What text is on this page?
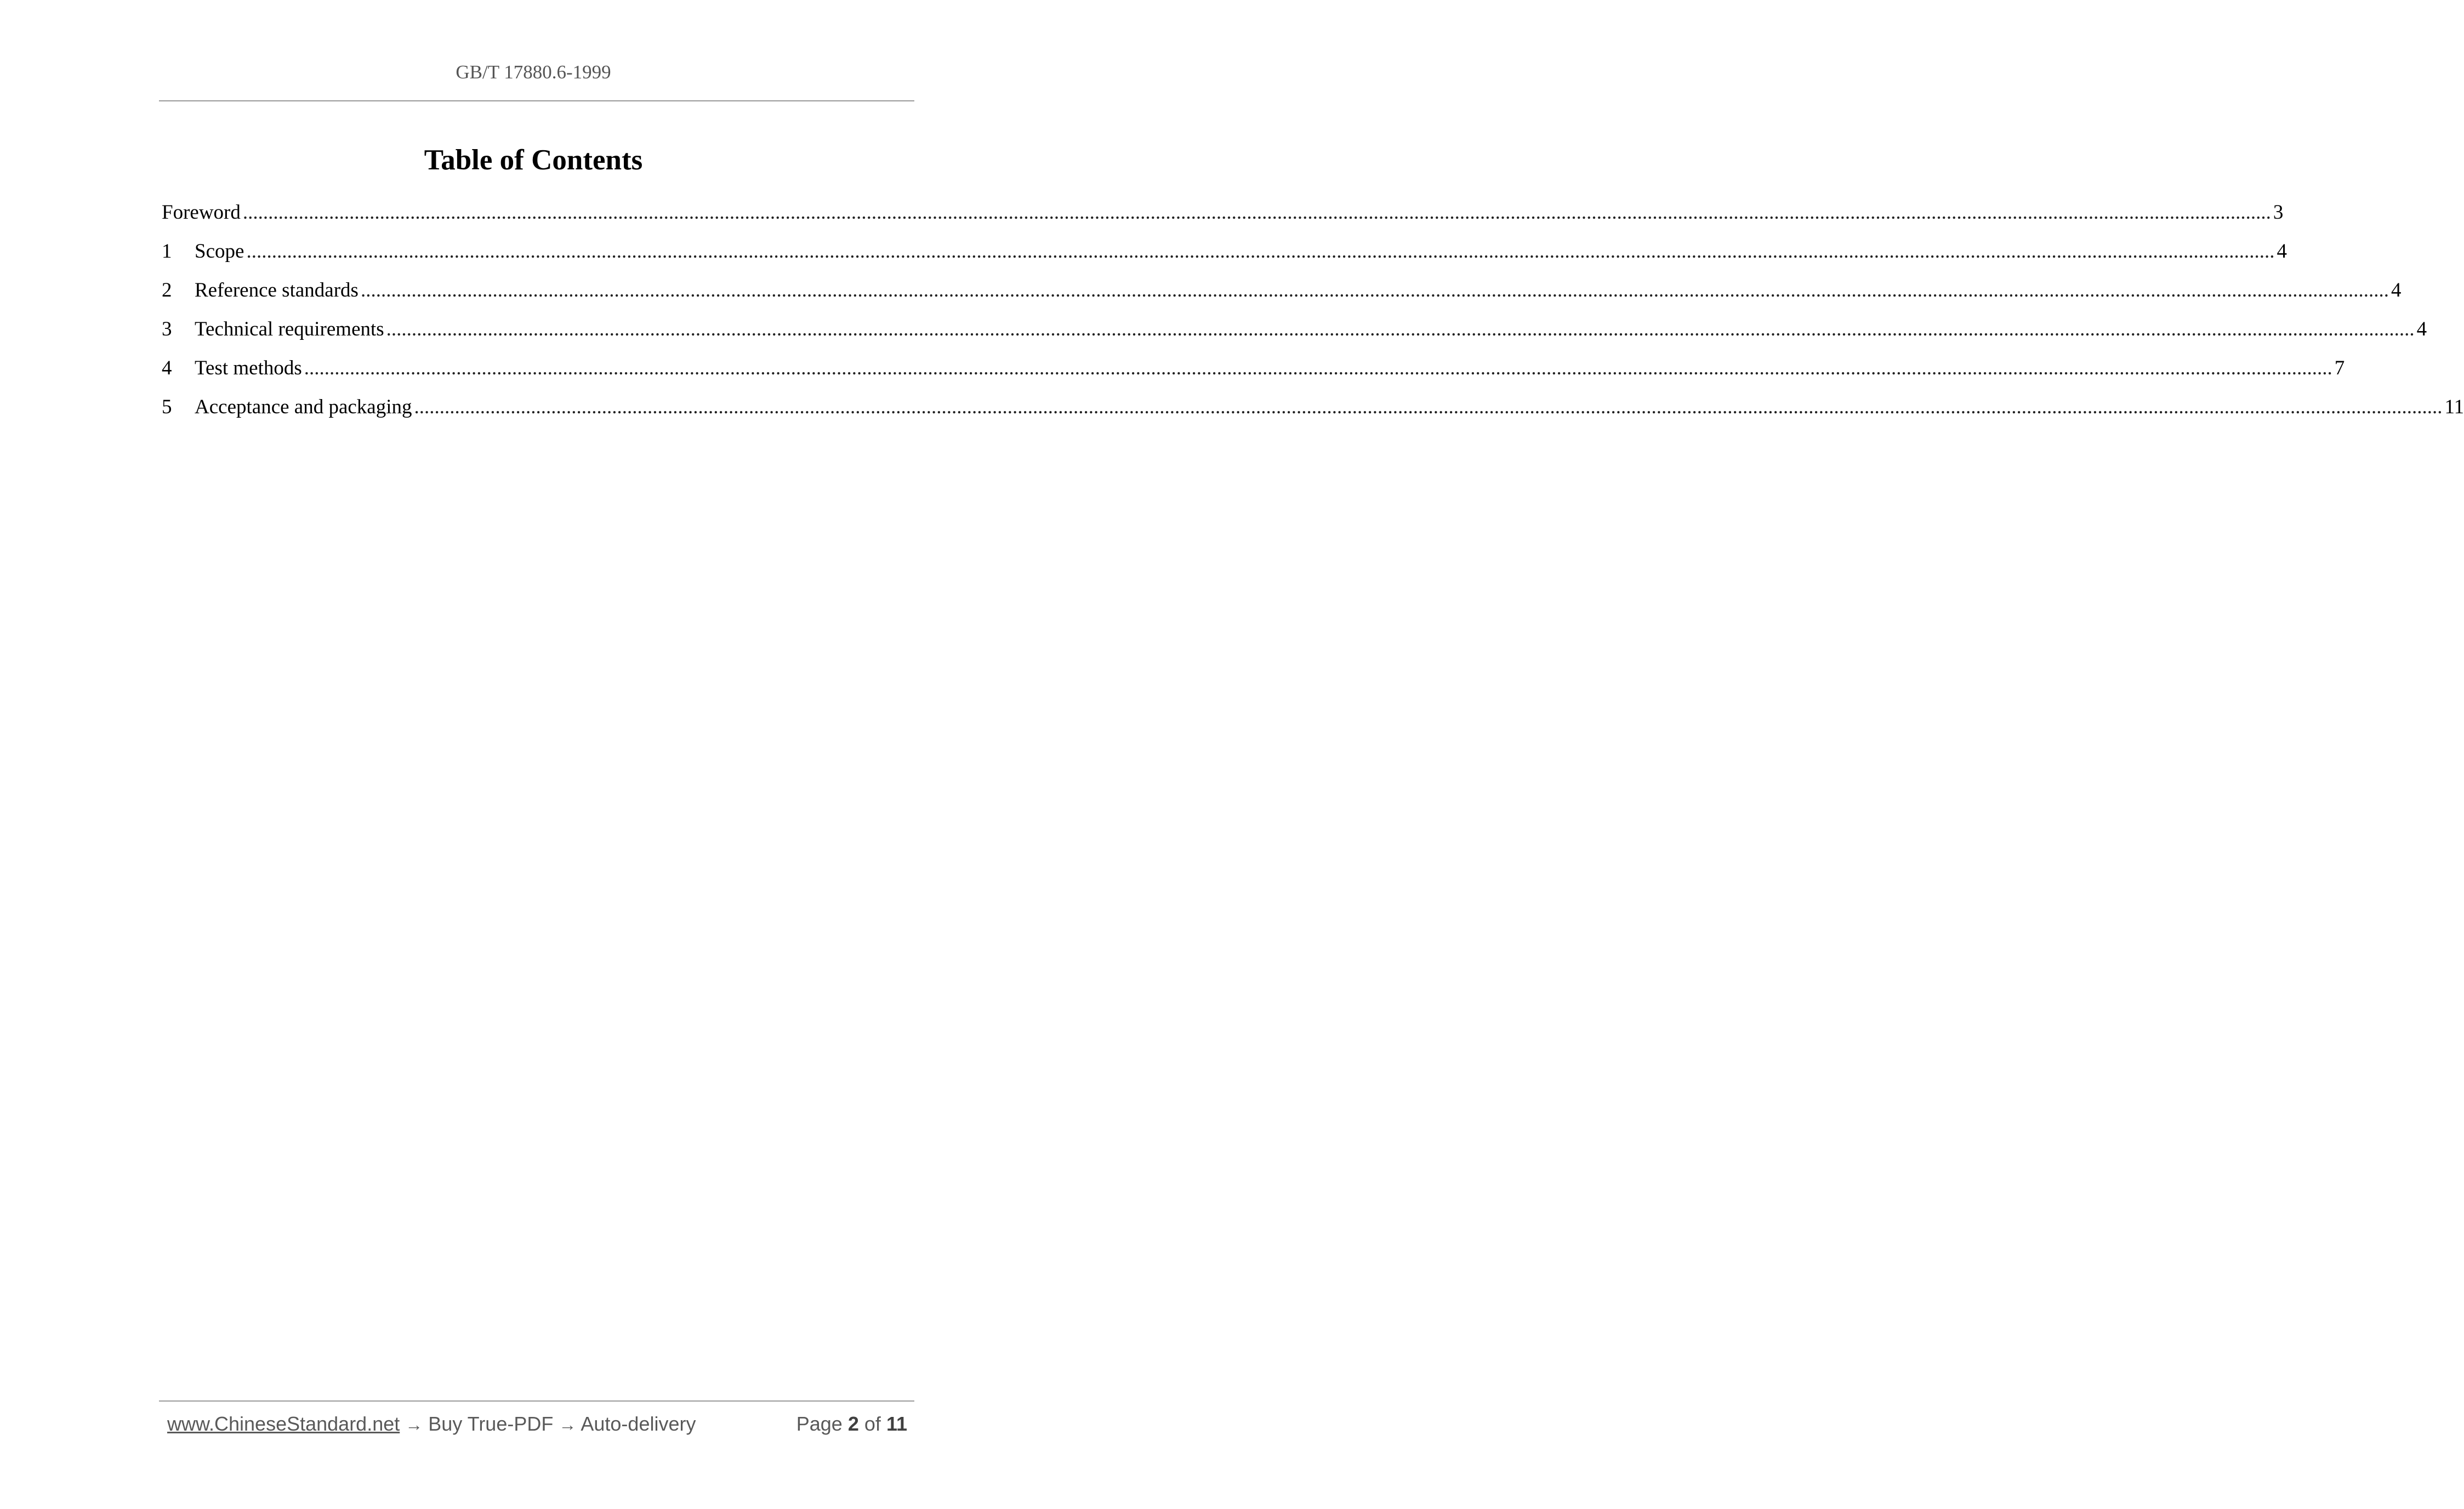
GB/T 17880.6-1999
Table of Contents
Foreword ................................................................................................................................................................................................................................................................................................................................................................................................................ 3
1	Scope ................................................................................................................................................................................................................................................................................................................................................................................................................ 4
2	Reference standards ................................................................................................................................................................................................................................................................................................................................................................................................................ 4
3	Technical requirements ................................................................................................................................................................................................................................................................................................................................................................................................................ 4
4	Test methods ................................................................................................................................................................................................................................................................................................................................................................................................................ 7
5	Acceptance and packaging ................................................................................................................................................................................................................................................................................................................................................................................................................ 11
www.ChineseStandard.net → Buy True-PDF → Auto-delivery	Page 2 of 11
